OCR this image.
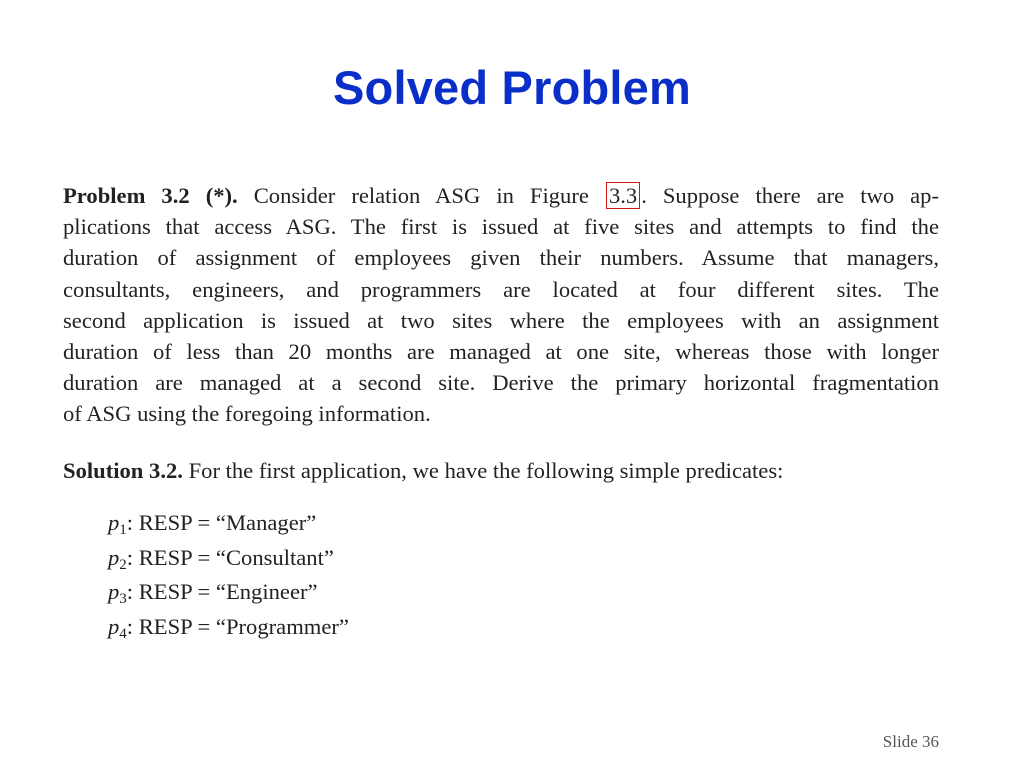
Solved Problem
Problem 3.2 (*). Consider relation ASG in Figure 3.3 . Suppose there are two ap-
plications that access ASG. The first is issued at five sites and attempts to find the
duration of assignment of employees given their numbers. Assume that managers,
consultants, engineers, and programmers are located at four different sites. The
second application is issued at two sites where the employees with an assignment
duration of less than 20 months are managed at one site, whereas those with longer
duration are managed at a second site. Derive the primary horizontal fragmentation
of ASG using the foregoing information.
Solution 3.2. For the first application, we have the following simple predicates:
p1: RESP = “Manager”
p2: RESP = “Consultant”
p3: RESP = “Engineer”
p4: RESP = “Programmer”
Slide 36
